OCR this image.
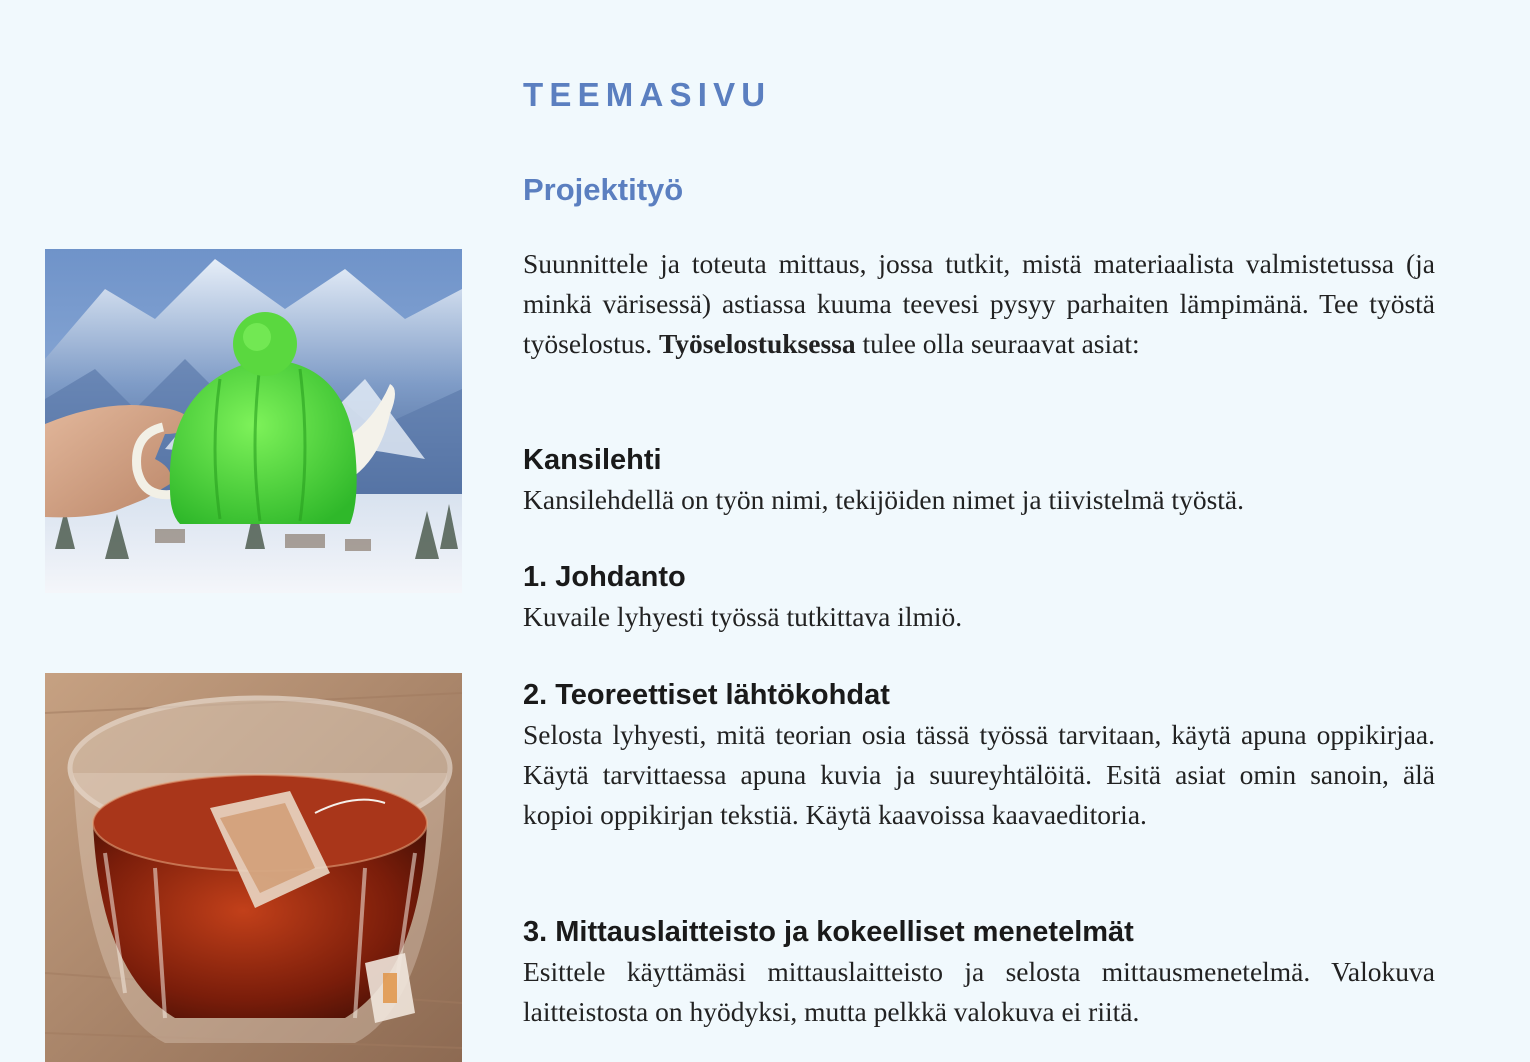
TEEMASIVU
Projektityö

Suunnittele ja toteuta mittaus, jossa tutkit, mistä materiaalista valmistetussa (ja minkä värisessä) astiassa kuuma teevesi pysyy parhaiten lämpimänä. Tee työstä työselostus. Työselostuksessa tulee olla seuraavat asiat:

Kansilehti

Kansilehdellä on työn nimi, tekijöiden nimet ja tiivistelmä työstä.

1. Johdanto

Kuvaile lyhyesti työssä tutkittava ilmiö.

2. Teoreettiset lähtökohdat

Selosta lyhyesti, mitä teorian osia tässä työssä tarvitaan, käytä apuna oppikirjaa. Käytä tarvittaessa apuna kuvia ja suureyhtälöitä. Esitä asiat omin sanoin, älä kopioi oppikirjan tekstiä. Käytä kaavoissa kaavaeditoria.

3. Mittauslaitteisto ja kokeelliset menetelmät

Esittele käyttämäsi mittauslaitteisto ja selosta mittausmenetelmä. Valokuva laitteistosta on hyödyksi, mutta pelkkä valokuva ei riitä.
